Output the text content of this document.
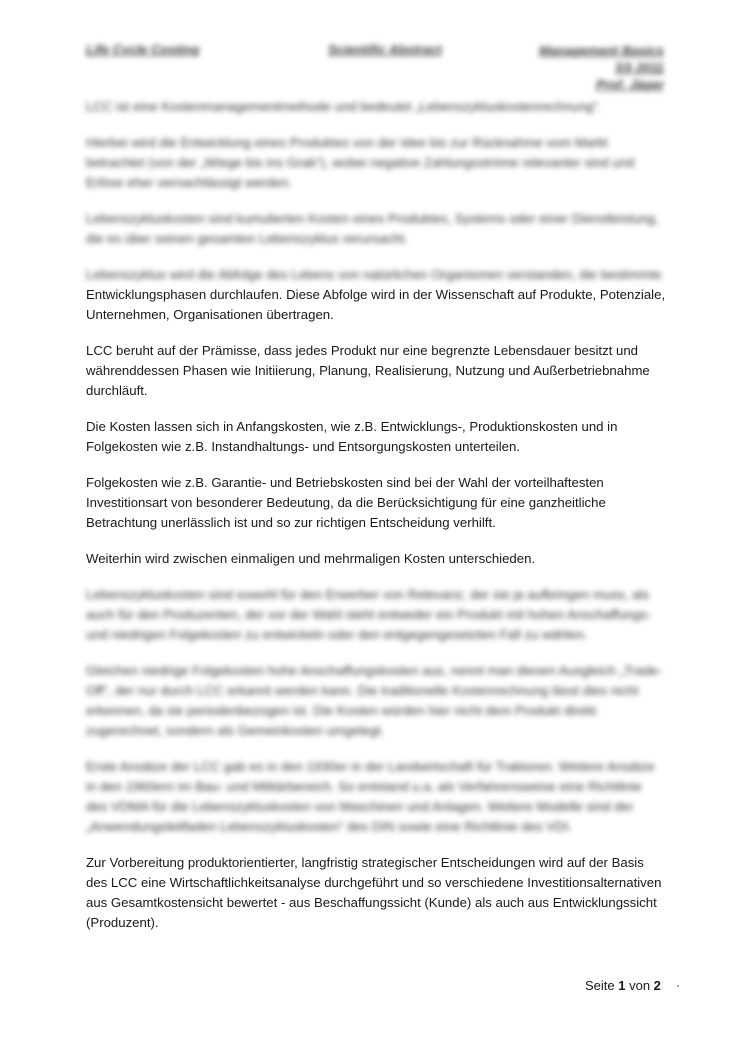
Life Cycle Costing	Scientific Abstract	Management Basics
SS 2011
Prof. Jäger

LCC ist eine Kostenmanagementmethode und bedeutet „Lebenszykluskostenrechnung“.

Hierbei wird die Entwicklung eines Produktes von der Idee bis zur Rücknahme vom Markt betrachtet (von der „Wiege bis ins Grab“), wobei negative Zahlungsströme relevanter sind und Erlöse eher vernachlässigt werden.

Lebenszykluskosten sind kumulierten Kosten eines Produktes, Systems oder einer Dienstleistung, die es über seinen gesamten Lebenszyklus verursacht.

Lebenszyklus wird die Abfolge des Lebens von natürlichen Organismen verstanden, die bestimmte Entwicklungsphasen durchlaufen. Diese Abfolge wird in der Wissenschaft auf Produkte, Potenziale, Unternehmen, Organisationen übertragen.

LCC beruht auf der Prämisse, dass jedes Produkt nur eine begrenzte Lebensdauer besitzt und währenddessen Phasen wie Initiierung, Planung, Realisierung, Nutzung und Außerbetriebnahme durchläuft.

Die Kosten lassen sich in Anfangskosten, wie z.B. Entwicklungs-, Produktionskosten und in Folgekosten wie z.B. Instandhaltungs- und Entsorgungskosten unterteilen.

Folgekosten wie z.B. Garantie- und Betriebskosten sind bei der Wahl der vorteilhaftesten Investitionsart von besonderer Bedeutung, da die Berücksichtigung für eine ganzheitliche Betrachtung unerlässlich ist und so zur richtigen Entscheidung verhilft.

Weiterhin wird zwischen einmaligen und mehrmaligen Kosten unterschieden.

Lebenszykluskosten sind sowohl für den Erwerber von Relevanz, der sie ja aufbringen muss, als auch für den Produzenten, der vor der Wahl steht entweder ein Produkt mit hohen Anschaffungs- und niedrigen Folgekosten zu entwickeln oder den entgegengesetzten Fall zu wählen.

Gleichen niedrige Folgekosten hohe Anschaffungskosten aus, nennt man diesen Ausgleich „Trade-Off“, der nur durch LCC erkannt werden kann. Die traditionelle Kostenrechnung lässt dies nicht erkennen, da sie periodenbezogen ist. Die Kosten würden hier nicht dem Produkt direkt zugerechnet, sondern als Gemeinkosten umgelegt.

Erste Ansätze der LCC gab es in den 1930er in der Landwirtschaft für Traktoren. Weitere Ansätze in den 1960ern im Bau- und Militärbereich. So entstand u.a. als Verfahrensweise eine Richtlinie des VDMA für die Lebenszykluskosten von Maschinen und Anlagen. Weitere Modelle sind der „Anwendungsleitfaden Lebenszykluskosten“ des DIN sowie eine Richtlinie des VDI.

Zur Vorbereitung produktorientierter, langfristig strategischer Entscheidungen wird auf der Basis des LCC eine Wirtschaftlichkeitsanalyse durchgeführt und so verschiedene Investitionsalternativen aus Gesamtkostensicht bewertet - aus Beschaffungssicht (Kunde) als auch aus Entwicklungssicht (Produzent).

Seite 1 von 2
